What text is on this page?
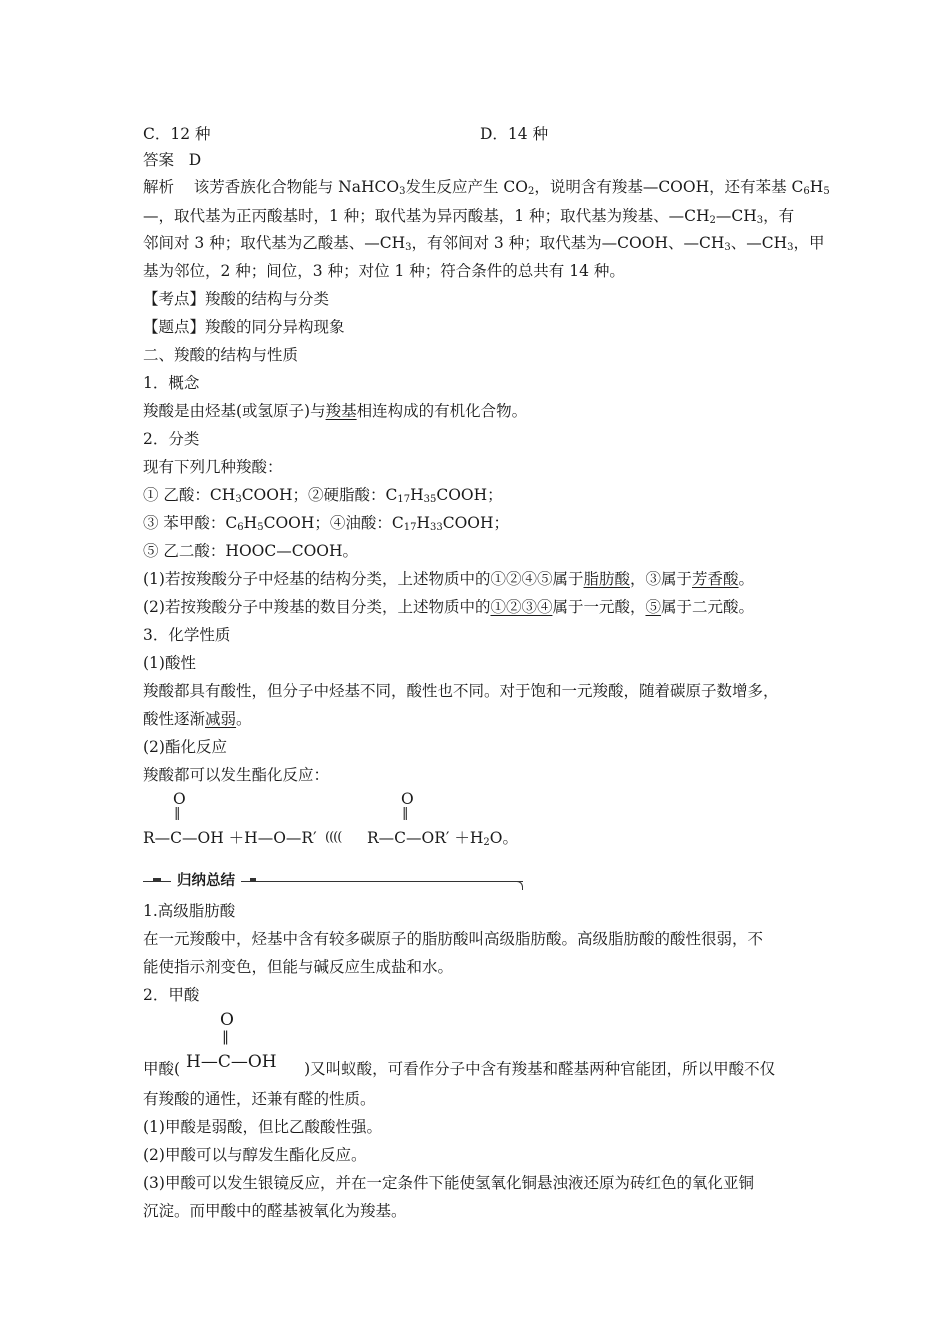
C．12 种	D．14 种
答案 D
解析 该芳香族化合物能与 NaHCO$_3$发生反应产生 $CO_2$，说明含有羧基—COOH，还有苯基 $C_6H_5$
—，取代基为正丙酸基时，1 种；取代基为异丙酸基，1 种；取代基为羧基、$—CH_2—CH_3$，有
邻间对 3 种；取代基为乙酸基、$—CH_3$，有邻间对 3 种；取代基为—COOH、$—CH_3$、$—CH_3$，甲
基为邻位，2 种；间位，3 种；对位 1 种；符合条件的总共有 14 种。
【考点】羧酸的结构与分类
【题点】羧酸的同分异构现象
二、羧酸的结构与性质
1．概念
羧酸是由烃基(或氢原子)与羧基相连构成的有机化合物。
2．分类
现有下列几种羧酸：
① 乙酸：$CH_3COOH$；②硬脂酸：$C_{17}H_{35}COOH$；
③ 苯甲酸：$C_6H_5COOH$；④油酸：$C_{17}H_{33}COOH$；
⑤ 乙二酸：HOOC—COOH。
(1)若按羧酸分子中烃基的结构分类，上述物质中的①②④⑤属于脂肪酸，③属于芳香酸。
(2)若按羧酸分子中羧基的数目分类，上述物质中的①②③④属于一元酸，⑤属于二元酸。
3．化学性质
(1)酸性
羧酸都具有酸性，但分子中烃基不同，酸性也不同。对于饱和一元羧酸，随着碳原子数增多，
酸性逐渐减弱。
(2)酯化反应
羧酸都可以发生酯化反应：
O
‖
R—C—OH ＋H—O—R′ ((((
O
‖
R—C—OR′ $+H_2O$。
归纳总结
1.高级脂肪酸
在一元羧酸中，烃基中含有较多碳原子的脂肪酸叫高级脂肪酸。高级脂肪酸的酸性很弱，不
能使指示剂变色，但能与碱反应生成盐和水。
2．甲酸
O
‖
H—C—OH
甲酸(	)又叫蚁酸，可看作分子中含有羧基和醛基两种官能团，所以甲酸不仅
有羧酸的通性，还兼有醛的性质。
(1)甲酸是弱酸，但比乙酸酸性强。
(2)甲酸可以与醇发生酯化反应。
(3)甲酸可以发生银镜反应，并在一定条件下能使氢氧化铜悬浊液还原为砖红色的氧化亚铜
沉淀。而甲酸中的醛基被氧化为羧基。
